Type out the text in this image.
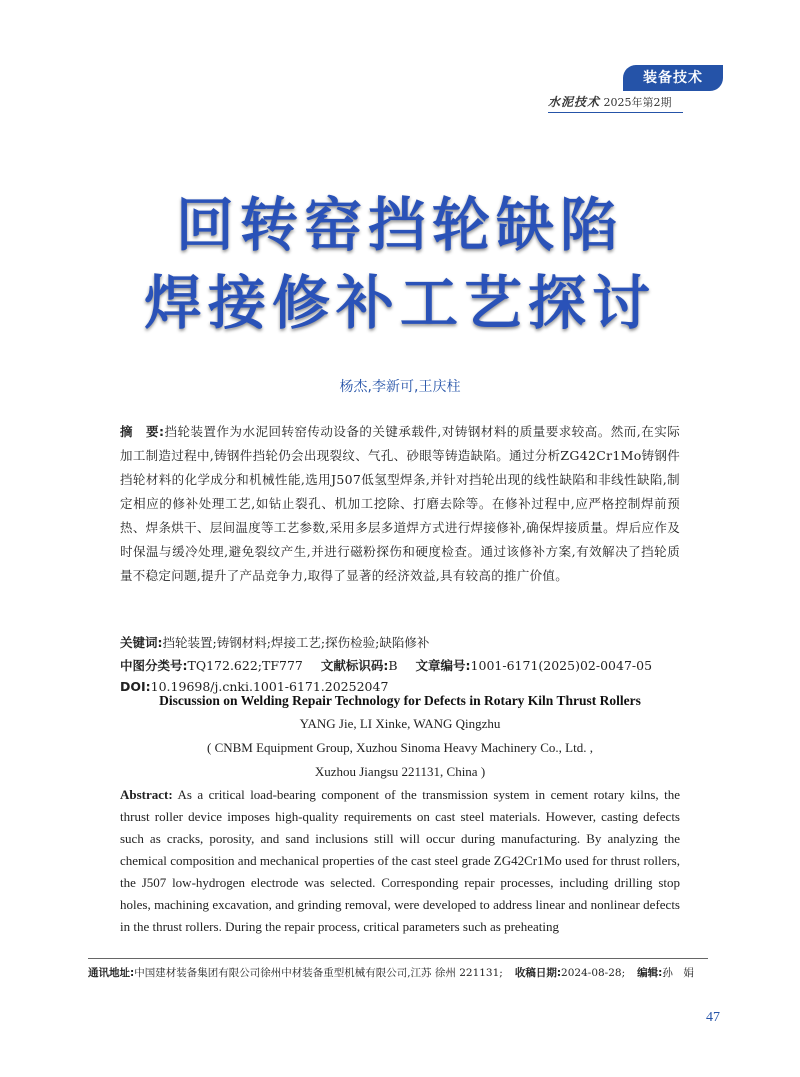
装备技术
水泥技术 2025年第2期
回转窑挡轮缺陷
焊接修补工艺探讨
杨杰,李新可,王庆柱
摘　要:挡轮装置作为水泥回转窑传动设备的关键承载件,对铸钢材料的质量要求较高。然而,在实际加工制造过程中,铸钢件挡轮仍会出现裂纹、气孔、砂眼等铸造缺陷。通过分析ZG42Cr1Mo铸钢件挡轮材料的化学成分和机械性能,选用J507低氢型焊条,并针对挡轮出现的线性缺陷和非线性缺陷,制定相应的修补处理工艺,如钻止裂孔、机加工挖除、打磨去除等。在修补过程中,应严格控制焊前预热、焊条烘干、层间温度等工艺参数,采用多层多道焊方式进行焊接修补,确保焊接质量。焊后应作及时保温与缓冷处理,避免裂纹产生,并进行磁粉探伤和硬度检查。通过该修补方案,有效解决了挡轮质量不稳定问题,提升了产品竞争力,取得了显著的经济效益,具有较高的推广价值。
关键词:挡轮装置;铸钢材料;焊接工艺;探伤检验;缺陷修补
中图分类号:TQ172.622;TF777 文献标识码:B 文章编号:1001-6171(2025)02-0047-05
DOI:10.19698/j.cnki.1001-6171.20252047
Discussion on Welding Repair Technology for Defects in Rotary Kiln Thrust Rollers
YANG Jie, LI Xinke, WANG Qingzhu
( CNBM Equipment Group, Xuzhou Sinoma Heavy Machinery Co., Ltd. ,
Xuzhou Jiangsu 221131, China )
Abstract: As a critical load-bearing component of the transmission system in cement rotary kilns, the thrust roller device imposes high-quality requirements on cast steel materials. However, casting defects such as cracks, porosity, and sand inclusions still will occur during manufacturing. By analyzing the chemical composition and mechanical properties of the cast steel grade ZG42Cr1Mo used for thrust rollers, the J507 low-hydrogen electrode was selected. Corresponding repair processes, including drilling stop holes, machining excavation, and grinding removal, were developed to address linear and nonlinear defects in the thrust rollers. During the repair process, critical parameters such as preheating
通讯地址:中国建材装备集团有限公司徐州中材装备重型机械有限公司,江苏 徐州 221131; 收稿日期:2024-08-28; 编辑:孙　娟
47
